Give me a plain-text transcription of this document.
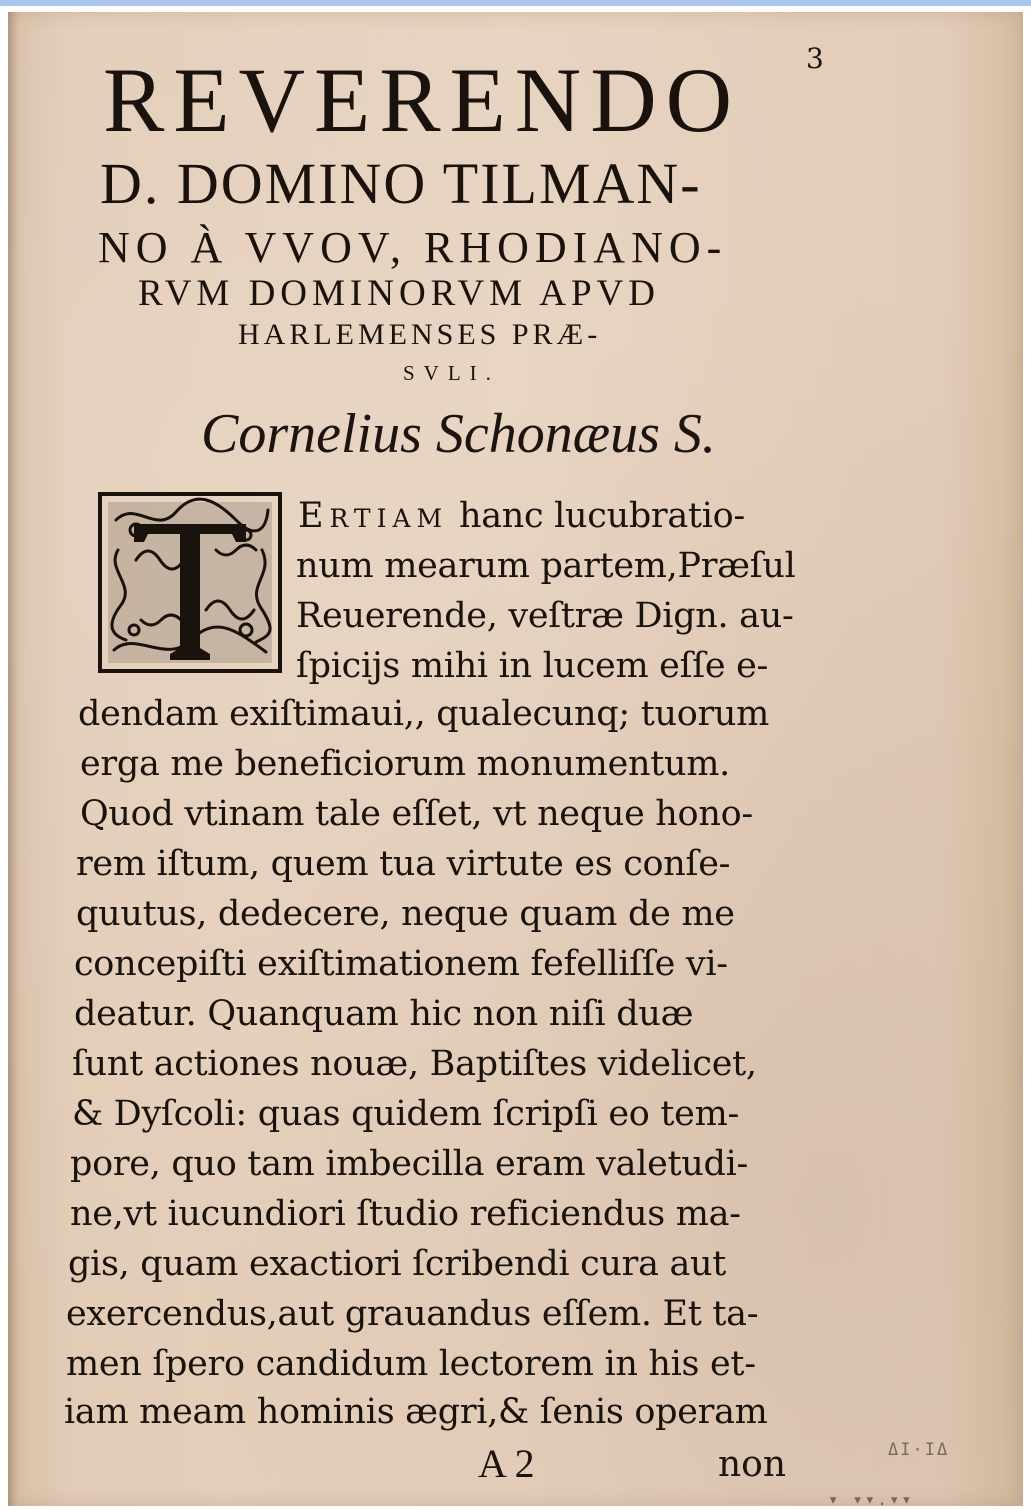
3
REVERENDO
D. DOMINO TILMAN-
NO À VVOV, RHODIANO-
RVM DOMINORVM APVD
HARLEMENSES PRÆ-
SVLI.
Cornelius Schonæus S.
Ertiam hanc lucubratio-
num mearum partem,Præſul
Reuerende, veſtræ Dign. au-
ſpicijs mihi in lucem eſſe e-
dendam exiſtimaui,, qualecunq; tuorum
erga me beneficiorum monumentum.
Quod vtinam tale eſſet, vt neque hono-
rem iſtum, quem tua virtute es conſe-
quutus, dedecere, neque quam de me
concepiſti exiſtimationem fefelliſſe vi-
deatur. Quanquam hic non niſi duæ
ſunt actiones nouæ, Baptiſtes videlicet,
& Dyſcoli: quas quidem ſcripſi eo tem-
pore, quo tam imbecilla eram valetudi-
ne,vt iucundiori ſtudio reficiendus ma-
gis, quam exactiori ſcribendi cura aut
exercendus,aut grauandus eſſem. Et ta-
men ſpero candidum lectorem in his et-
iam meam hominis ægri,& ſenis operam
A 2	non	ΔΙ·ΙΔ
▾ ▾▾.▾▾
